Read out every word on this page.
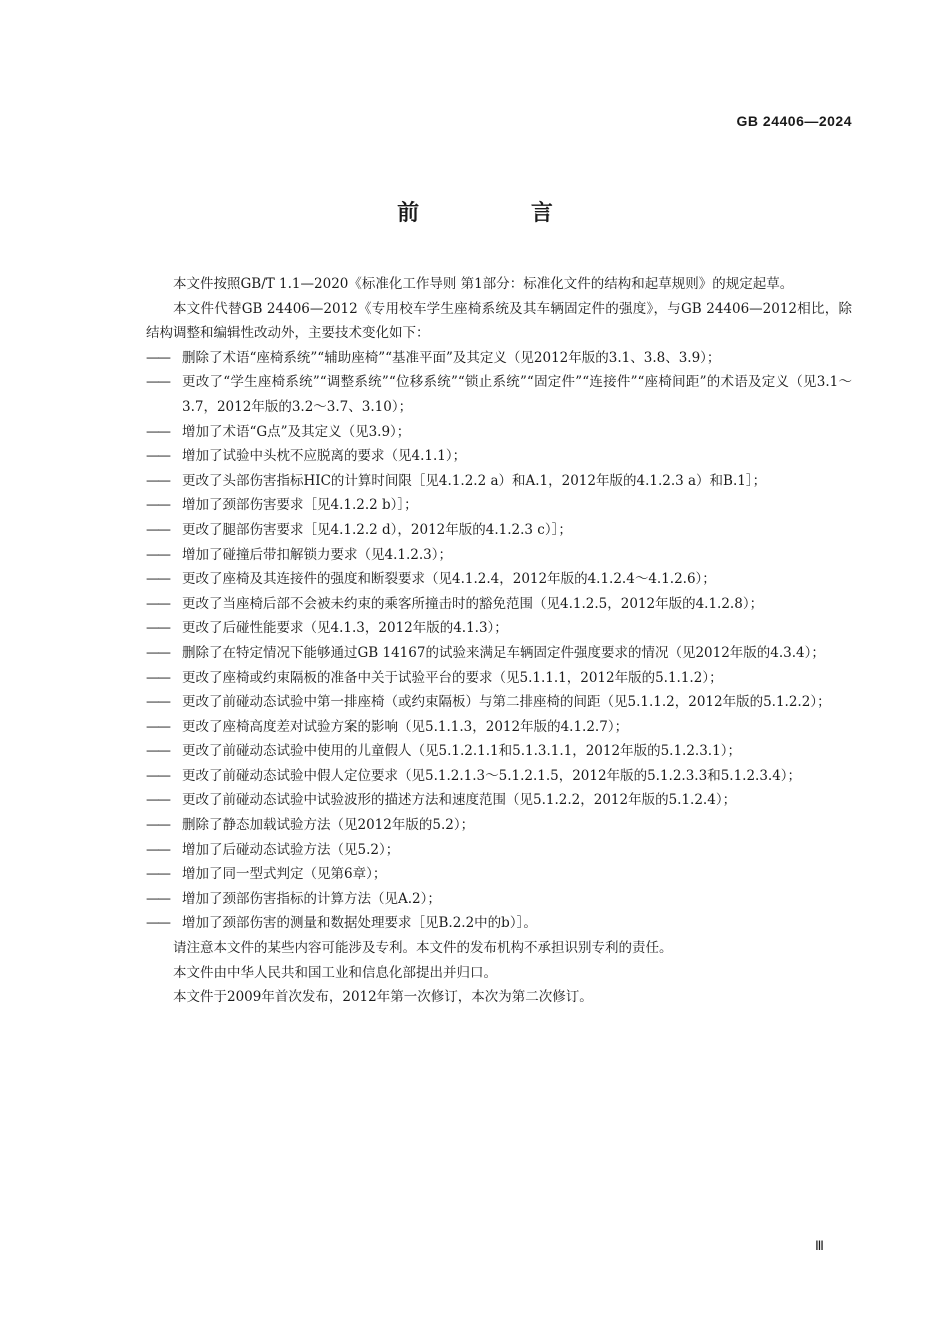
GB 24406—2024
前 言

本文件按照GB/T 1.1—2020《标准化工作导则 第1部分：标准化文件的结构和起草规则》的规定起草。

本文件代替GB 24406—2012《专用校车学生座椅系统及其车辆固定件的强度》，与GB 24406—2012相比，除结构调整和编辑性改动外，主要技术变化如下：

—— 删除了术语“座椅系统”“辅助座椅”“基准平面”及其定义（见2012年版的3.1、3.8、3.9）；
—— 更改了“学生座椅系统”“调整系统”“位移系统”“锁止系统”“固定件”“连接件”“座椅间距”的术语及定义（见3.1～3.7，2012年版的3.2～3.7、3.10）；
—— 增加了术语“G点”及其定义（见3.9）；
—— 增加了试验中头枕不应脱离的要求（见4.1.1）；
—— 更改了头部伤害指标HIC的计算时间限［见4.1.2.2 a）和A.1，2012年版的4.1.2.3 a）和B.1］；
—— 增加了颈部伤害要求［见4.1.2.2 b）］；
—— 更改了腿部伤害要求［见4.1.2.2 d），2012年版的4.1.2.3 c）］；
—— 增加了碰撞后带扣解锁力要求（见4.1.2.3）；
—— 更改了座椅及其连接件的强度和断裂要求（见4.1.2.4，2012年版的4.1.2.4～4.1.2.6）；
—— 更改了当座椅后部不会被未约束的乘客所撞击时的豁免范围（见4.1.2.5，2012年版的4.1.2.8）；
—— 更改了后碰性能要求（见4.1.3，2012年版的4.1.3）；
—— 删除了在特定情况下能够通过GB 14167的试验来满足车辆固定件强度要求的情况（见2012年版的4.3.4）；
—— 更改了座椅或约束隔板的准备中关于试验平台的要求（见5.1.1.1，2012年版的5.1.1.2）；
—— 更改了前碰动态试验中第一排座椅（或约束隔板）与第二排座椅的间距（见5.1.1.2，2012年版的5.1.2.2）；
—— 更改了座椅高度差对试验方案的影响（见5.1.1.3，2012年版的4.1.2.7）；
—— 更改了前碰动态试验中使用的儿童假人（见5.1.2.1.1和5.1.3.1.1，2012年版的5.1.2.3.1）；
—— 更改了前碰动态试验中假人定位要求（见5.1.2.1.3～5.1.2.1.5，2012年版的5.1.2.3.3和5.1.2.3.4）；
—— 更改了前碰动态试验中试验波形的描述方法和速度范围（见5.1.2.2，2012年版的5.1.2.4）；
—— 删除了静态加载试验方法（见2012年版的5.2）；
—— 增加了后碰动态试验方法（见5.2）；
—— 增加了同一型式判定（见第6章）；
—— 增加了颈部伤害指标的计算方法（见A.2）；
—— 增加了颈部伤害的测量和数据处理要求［见B.2.2中的b）］。

请注意本文件的某些内容可能涉及专利。本文件的发布机构不承担识别专利的责任。

本文件由中华人民共和国工业和信息化部提出并归口。

本文件于2009年首次发布，2012年第一次修订，本次为第二次修订。

Ⅲ
